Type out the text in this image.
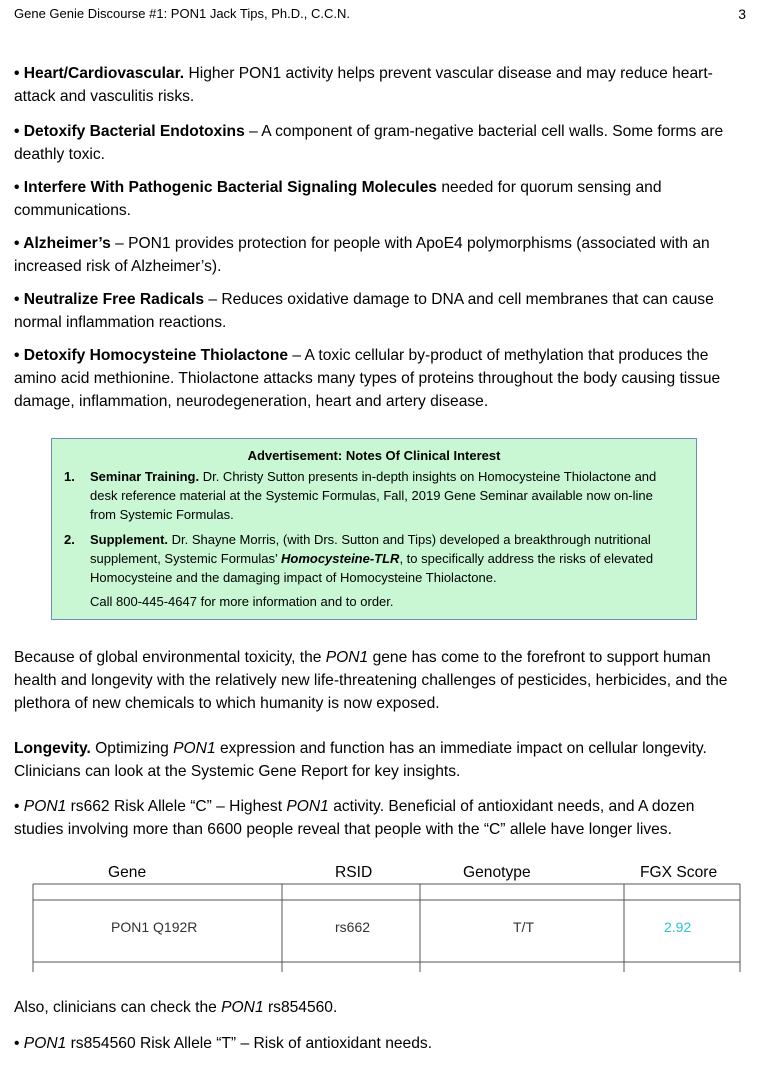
Gene Genie Discourse #1: PON1 Jack Tips, Ph.D., C.C.N.	3

• Heart/Cardiovascular. Higher PON1 activity helps prevent vascular disease and may reduce heart-attack and vasculitis risks.

• Detoxify Bacterial Endotoxins – A component of gram-negative bacterial cell walls. Some forms are deathly toxic.

• Interfere With Pathogenic Bacterial Signaling Molecules needed for quorum sensing and communications.

• Alzheimer’s – PON1 provides protection for people with ApoE4 polymorphisms (associated with an increased risk of Alzheimer’s).

• Neutralize Free Radicals – Reduces oxidative damage to DNA and cell membranes that can cause normal inflammation reactions.

• Detoxify Homocysteine Thiolactone – A toxic cellular by-product of methylation that produces the amino acid methionine. Thiolactone attacks many types of proteins throughout the body causing tissue damage, inflammation, neurodegeneration, heart and artery disease.

Advertisement: Notes Of Clinical Interest
1. Seminar Training. Dr. Christy Sutton presents in-depth insights on Homocysteine Thiolactone and desk reference material at the Systemic Formulas, Fall, 2019 Gene Seminar available now on-line from Systemic Formulas.
2. Supplement. Dr. Shayne Morris, (with Drs. Sutton and Tips) developed a breakthrough nutritional supplement, Systemic Formulas’ Homocysteine-TLR, to specifically address the risks of elevated Homocysteine and the damaging impact of Homocysteine Thiolactone.
Call 800-445-4647 for more information and to order.

Because of global environmental toxicity, the PON1 gene has come to the forefront to support human health and longevity with the relatively new life-threatening challenges of pesticides, herbicides, and the plethora of new chemicals to which humanity is now exposed.

Longevity. Optimizing PON1 expression and function has an immediate impact on cellular longevity. Clinicians can look at the Systemic Gene Report for key insights.

• PON1 rs662 Risk Allele “C” – Highest PON1 activity. Beneficial of antioxidant needs, and A dozen studies involving more than 6600 people reveal that people with the “C” allele have longer lives.

Gene	RSID	Genotype	FGX Score
PON1 Q192R	rs662	T/T	2.92

Also, clinicians can check the PON1 rs854560.

• PON1 rs854560 Risk Allele “T” – Risk of antioxidant needs.
